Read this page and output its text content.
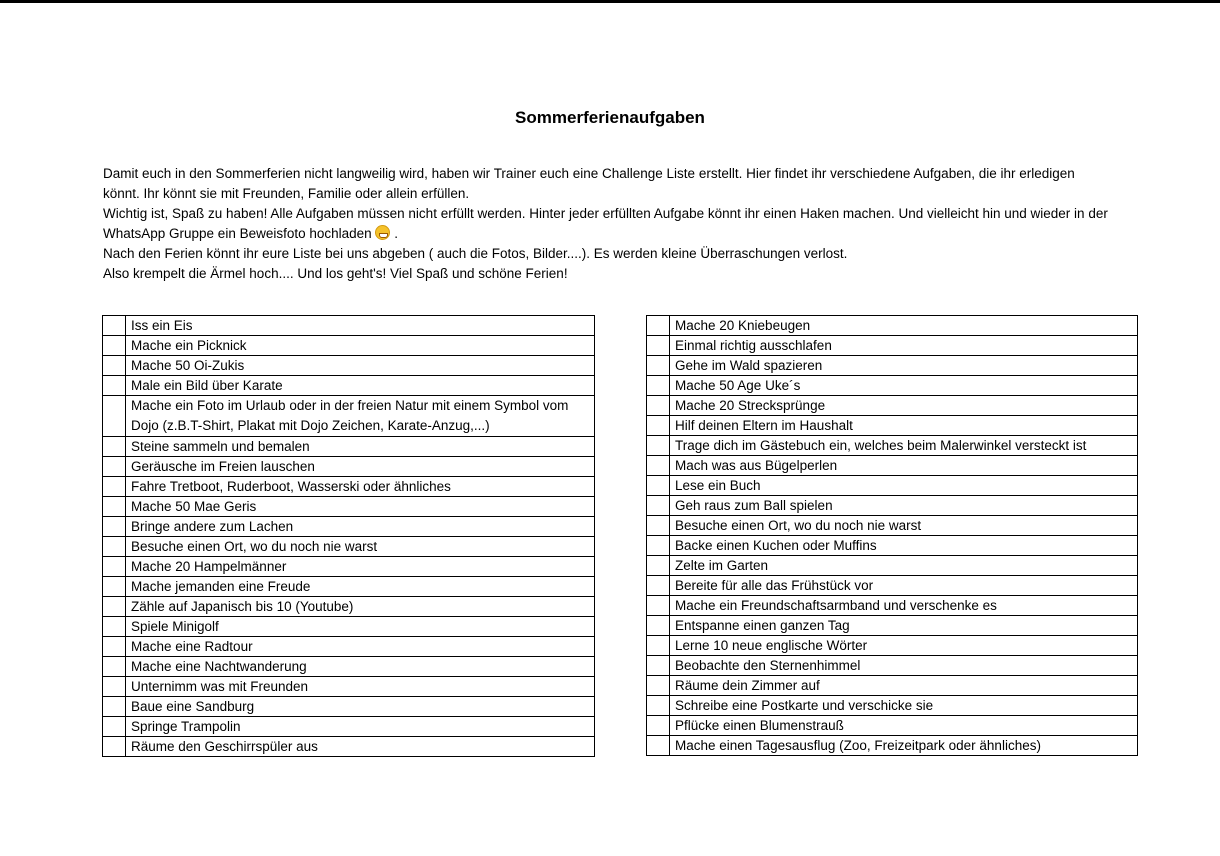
Sommerferienaufgaben

Damit euch in den Sommerferien nicht langweilig wird, haben wir Trainer euch eine Challenge Liste erstellt. Hier findet ihr verschiedene Aufgaben, die ihr erledigen könnt. Ihr könnt sie mit Freunden, Familie oder allein erfüllen.

Wichtig ist, Spaß zu haben! Alle Aufgaben müssen nicht erfüllt werden. Hinter jeder erfüllten Aufgabe könnt ihr einen Haken machen. Und vielleicht hin und wieder in der WhatsApp Gruppe ein Beweisfoto hochladen .

Nach den Ferien könnt ihr eure Liste bei uns abgeben ( auch die Fotos, Bilder....). Es werden kleine Überraschungen verlost.

Also krempelt die Ärmel hoch.... Und los geht's! Viel Spaß und schöne Ferien!

	Iss ein Eis
	Mache ein Picknick
	Mache 50 Oi-Zukis
	Male ein Bild über Karate
	Mache ein Foto im Urlaub oder in der freien Natur mit einem Symbol vom Dojo (z.B.T-Shirt, Plakat mit Dojo Zeichen, Karate-Anzug,...)
	Steine sammeln und bemalen
	Geräusche im Freien lauschen
	Fahre Tretboot, Ruderboot, Wasserski oder ähnliches
	Mache 50 Mae Geris
	Bringe andere zum Lachen
	Besuche einen Ort, wo du noch nie warst
	Mache 20 Hampelmänner
	Mache jemanden eine Freude
	Zähle auf Japanisch bis 10 (Youtube)
	Spiele Minigolf
	Mache eine Radtour
	Mache eine Nachtwanderung
	Unternimm was mit Freunden
	Baue eine Sandburg
	Springe Trampolin
	Räume den Geschirrspüler aus
	Mache 20 Kniebeugen
	Einmal richtig ausschlafen
	Gehe im Wald spazieren
	Mache 50 Age Uke´s
	Mache 20 Strecksprünge
	Hilf deinen Eltern im Haushalt
	Trage dich im Gästebuch ein, welches beim Malerwinkel versteckt ist
	Mach was aus Bügelperlen
	Lese ein Buch
	Geh raus zum Ball spielen
	Besuche einen Ort, wo du noch nie warst
	Backe einen Kuchen oder Muffins
	Zelte im Garten
	Bereite für alle das Frühstück vor
	Mache ein Freundschaftsarmband und verschenke es
	Entspanne einen ganzen Tag
	Lerne 10 neue englische Wörter
	Beobachte den Sternenhimmel
	Räume dein Zimmer auf
	Schreibe eine Postkarte und verschicke sie
	Pflücke einen Blumenstrauß
	Mache einen Tagesausflug (Zoo, Freizeitpark oder ähnliches)
